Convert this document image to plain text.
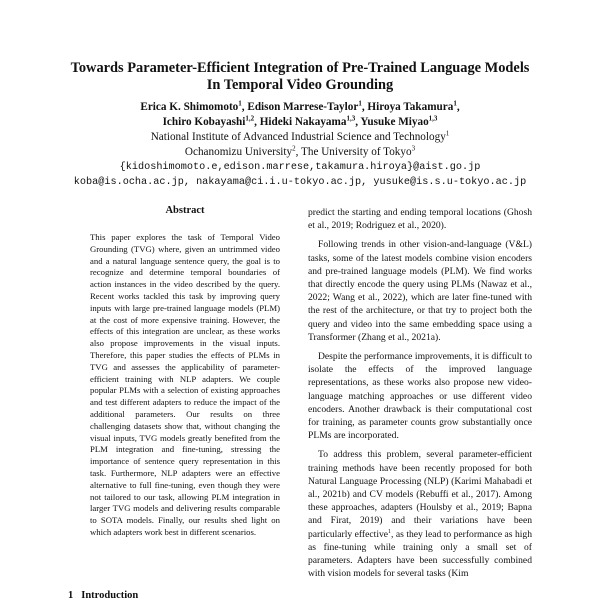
Towards Parameter-Efficient Integration of Pre-Trained Language Models
In Temporal Video Grounding
Erica K. Shimomoto$^1$, Edison Marrese-Taylor$^1$, Hiroya Takamura$^1$,
Ichiro Kobayashi$^{1,2}$, Hideki Nakayama$^{1,3}$, Yusuke Miyao$^{1,3}$
National Institute of Advanced Industrial Science and Technology$^1$
Ochanomizu University$^2$, The University of Tokyo$^3$
{kidoshimomoto.e,edison.marrese,takamura.hiroya}@aist.go.jp
koba@is.ocha.ac.jp, nakayama@ci.i.u-tokyo.ac.jp, yusuke@is.s.u-tokyo.ac.jp
Abstract
This paper explores the task of Temporal Video Grounding (TVG) where, given an untrimmed video and a natural language sentence query, the goal is to recognize and determine temporal boundaries of action instances in the video described by the query. Recent works tackled this task by improving query inputs with large pre-trained language models (PLM) at the cost of more expensive training. However, the effects of this integration are unclear, as these works also propose improvements in the visual inputs. Therefore, this paper studies the effects of PLMs in TVG and assesses the applicability of parameter-efficient training with NLP adapters. We couple popular PLMs with a selection of existing approaches and test different adapters to reduce the impact of the additional parameters. Our results on three challenging datasets show that, without changing the visual inputs, TVG models greatly benefited from the PLM integration and fine-tuning, stressing the importance of sentence query representation in this task. Furthermore, NLP adapters were an effective alternative to full fine-tuning, even though they were not tailored to our task, allowing PLM integration in larger TVG models and delivering results comparable to SOTA models. Finally, our results shed light on which adapters work best in different scenarios.

predict the starting and ending temporal locations (Ghosh et al., 2019; Rodriguez et al., 2020).

Following trends in other vision-and-language (V&L) tasks, some of the latest models combine vision encoders and pre-trained language models (PLM). We find works that directly encode the query using PLMs (Nawaz et al., 2022; Wang et al., 2022), which are later fine-tuned with the rest of the architecture, or that try to project both the query and video into the same embedding space using a Transformer (Zhang et al., 2021a).

Despite the performance improvements, it is difficult to isolate the effects of the improved language representations, as these works also propose new video-language matching approaches or use different video encoders. Another drawback is their computational cost for training, as parameter counts grow substantially once PLMs are incorporated.

To address this problem, several parameter-efficient training methods have been recently proposed for both Natural Language Processing (NLP) (Karimi Mahabadi et al., 2021b) and CV models (Rebuffi et al., 2017). Among these approaches, adapters (Houlsby et al., 2019; Bapna and Firat, 2019) and their variations have been particularly effective$^1$, as they lead to performance as high as fine-tuning while training only a small set of parameters. Adapters have been successfully combined with vision models for several tasks (Kim

1 Introduction
